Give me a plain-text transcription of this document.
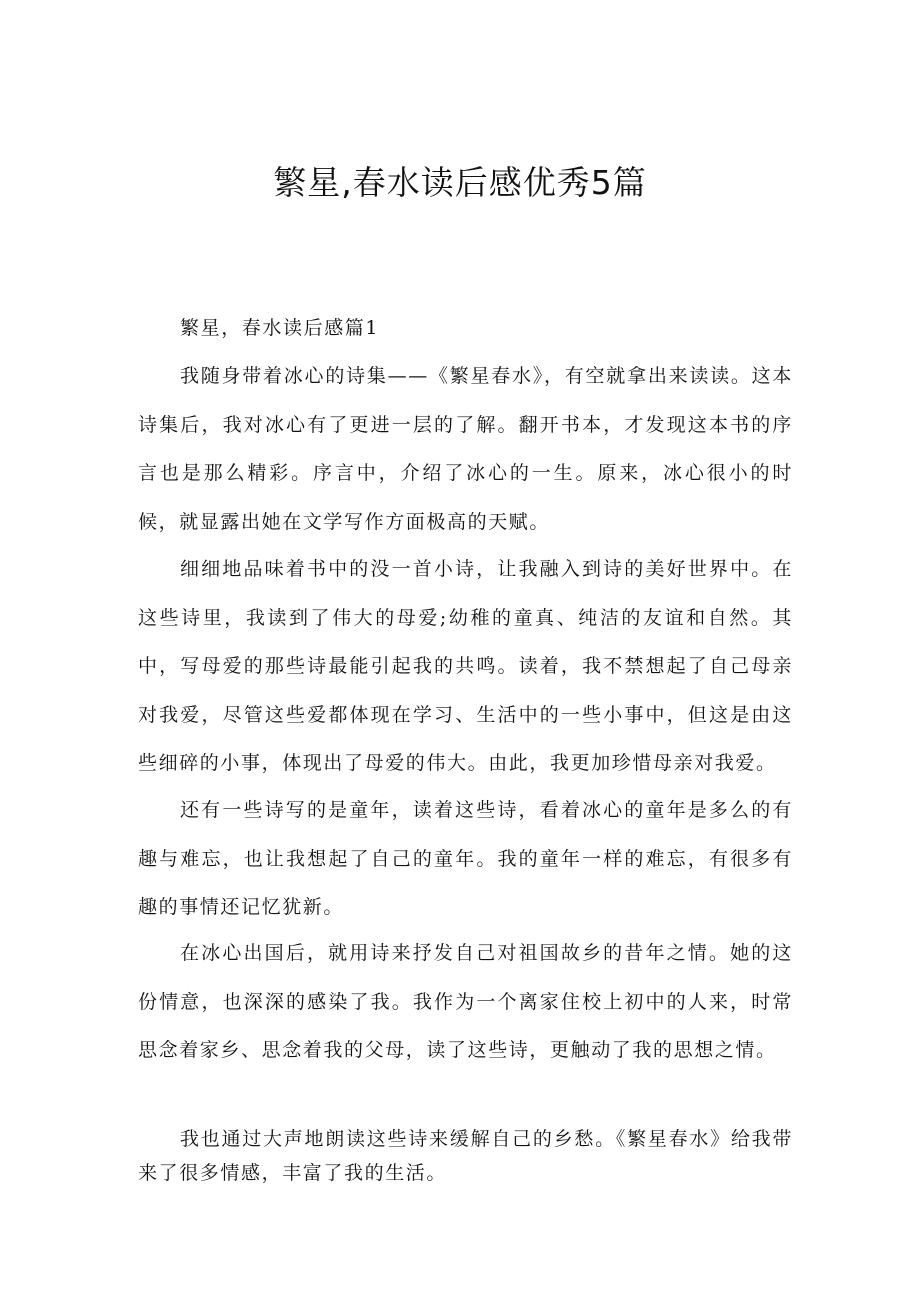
繁星,春水读后感优秀5篇

繁星，春水读后感篇1

我随身带着冰心的诗集——《繁星春水》，有空就拿出来读读。这本诗集后，我对冰心有了更进一层的了解。翻开书本，才发现这本书的序言也是那么精彩。序言中，介绍了冰心的一生。原来，冰心很小的时候，就显露出她在文学写作方面极高的天赋。

细细地品味着书中的没一首小诗，让我融入到诗的美好世界中。在这些诗里，我读到了伟大的母爱;幼稚的童真、纯洁的友谊和自然。其中，写母爱的那些诗最能引起我的共鸣。读着，我不禁想起了自己母亲对我爱，尽管这些爱都体现在学习、生活中的一些小事中，但这是由这些细碎的小事，体现出了母爱的伟大。由此，我更加珍惜母亲对我爱。

还有一些诗写的是童年，读着这些诗，看着冰心的童年是多么的有趣与难忘，也让我想起了自己的童年。我的童年一样的难忘，有很多有趣的事情还记忆犹新。

在冰心出国后，就用诗来抒发自己对祖国故乡的昔年之情。她的这份情意，也深深的感染了我。我作为一个离家住校上初中的人来，时常思念着家乡、思念着我的父母，读了这些诗，更触动了我的思想之情。

我也通过大声地朗读这些诗来缓解自己的乡愁。《繁星春水》给我带来了很多情感，丰富了我的生活。
